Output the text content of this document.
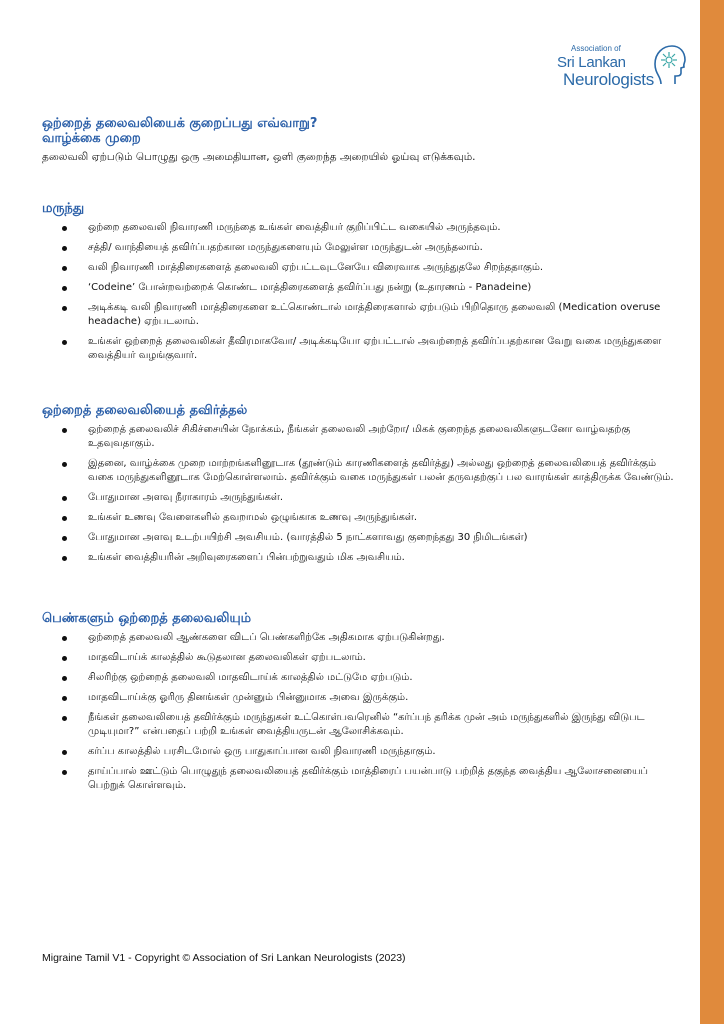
Association of
Sri Lankan
Neurologists

ஒற்றைத் தலைவலியைக் குறைப்பது எவ்வாறு?

வாழ்க்கை முறை

தலைவலி ஏற்படும் பொழுது ஒரு அமைதியான, ஒளி குறைந்த அறையில் ஓய்வு எடுக்கவும்.

மருந்து

ஒற்றை தலைவலி நிவாரணி மருந்தை உங்கள் வைத்தியர் குறிப்பிட்ட வகையில் அருந்தவும்.
சத்தி/ வாந்தியைத் தவிர்ப்பதற்கான மருந்துகளையும் மேலுள்ள மருந்துடன் அருந்தலாம்.
வலி நிவாரணி மாத்திரைகளைத் தலைவலி ஏற்பட்டவுடனேயே விரைவாக அருந்துதலே சிறந்ததாகும்.
‘Codeine’ போன்றவற்றைக் கொண்ட மாத்திரைகளைத் தவிர்ப்பது நன்று (உதாரணம் - Panadeine)
அடிக்கடி வலி நிவாரணி மாத்திரைகளை உட்கொண்டால் மாத்திரைகளால் ஏற்படும் பிறிதொரு தலைவலி (Medication overuse headache) ஏற்படலாம்.
உங்கள் ஒற்றைத் தலைவலிகள் தீவிரமாகவோ/ அடிக்கடியோ ஏற்பட்டால் அவற்றைத் தவிர்ப்பதற்கான வேறு வகை மருந்துகளை வைத்தியர் வழங்குவார்.

ஒற்றைத் தலைவலியைத் தவிர்த்தல்

ஒற்றைத் தலைவலிச் சிகிச்சையின் நோக்கம், நீங்கள் தலைவலி அற்றோ/ மிகக் குறைந்த தலைவலிகளுடனோ வாழ்வதற்கு உதவுவதாகும்.
இதனை, வாழ்க்கை முறை மாற்றங்களினூடாக (தூண்டும் காரணிகளைத் தவிர்த்து) அல்லது ஒற்றைத் தலைவலியைத் தவிர்க்கும் வகை மருந்துகளினூடாக மேற்கொள்ளலாம். தவிர்க்கும் வகை மருந்துகள் பலன் தருவதற்குப் பல வாரங்கள் காத்திருக்க வேண்டும்.
போதுமான அளவு நீராகாரம் அருந்துங்கள்.
உங்கள் உணவு வேளைகளில் தவறாமல் ஒழுங்காக உணவு அருந்துங்கள்.
போதுமான அளவு உடற்பயிற்சி அவசியம். (வாரத்தில் 5 நாட்களாவது குறைந்தது 30 நிமிடங்கள்)
உங்கள் வைத்தியரின் அறிவுரைகளைப் பின்பற்றுவதும் மிக அவசியம்.

பெண்களும் ஒற்றைத் தலைவலியும்

ஒற்றைத் தலைவலி ஆண்களை விடப் பெண்களிற்கே அதிகமாக ஏற்படுகின்றது.
மாதவிடாய்க் காலத்தில் கூடுதலான தலைவலிகள் ஏற்படலாம்.
சிலரிற்கு ஒற்றைத் தலைவலி மாதவிடாய்க் காலத்தில் மட்டுமே ஏற்படும்.
மாதவிடாய்க்கு ஓரிரு தினங்கள் முன்னும் பின்னுமாக அவை இருக்கும்.
நீங்கள் தலைவலியைத் தவிர்க்கும் மருந்துகள் உட்கொள்பவரெனில் “கர்ப்பந் தரிக்க முன் அம் மருந்துகளில் இருந்து விடுபட முடியுமா?” என்பதைப் பற்றி உங்கள் வைத்தியருடன் ஆலோசிக்கவும்.
கர்ப்ப காலத்தில் பரசிடமோல் ஒரு பாதுகாப்பான வலி நிவாரணி மருந்தாகும்.
தாய்ப்பால் ஊட்டும் பொழுதுந் தலைவலியைத் தவிர்க்கும் மாத்திரைப் பயன்பாடு பற்றித் தகுந்த வைத்திய ஆலோசனையைப் பெற்றுக் கொள்ளவும்.
Migraine Tamil V1 - Copyright © Association of Sri Lankan Neurologists (2023)
